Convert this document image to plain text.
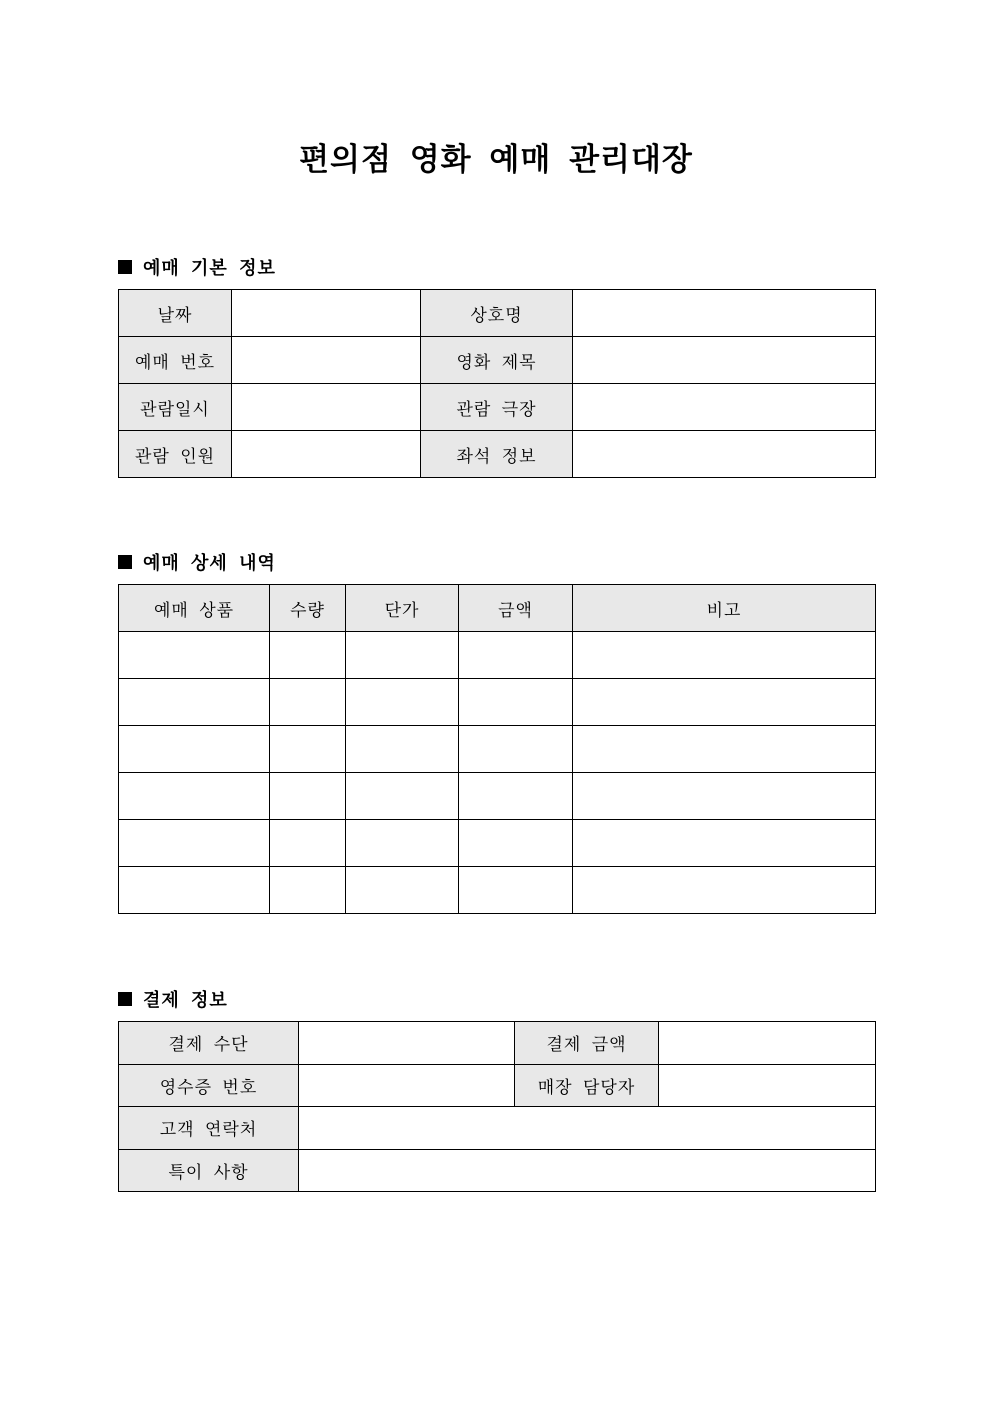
편의점 영화 예매 관리대장
예매 기본 정보
날짜		상호명	
예매 번호		영화 제목	
관람일시		관람 극장	
관람 인원		좌석 정보	
예매 상세 내역
예매 상품	수량	단가	금액	비고

결제 정보
결제 수단		결제 금액	
영수증 번호		매장 담당자	
고객 연락처			
특이 사항			
